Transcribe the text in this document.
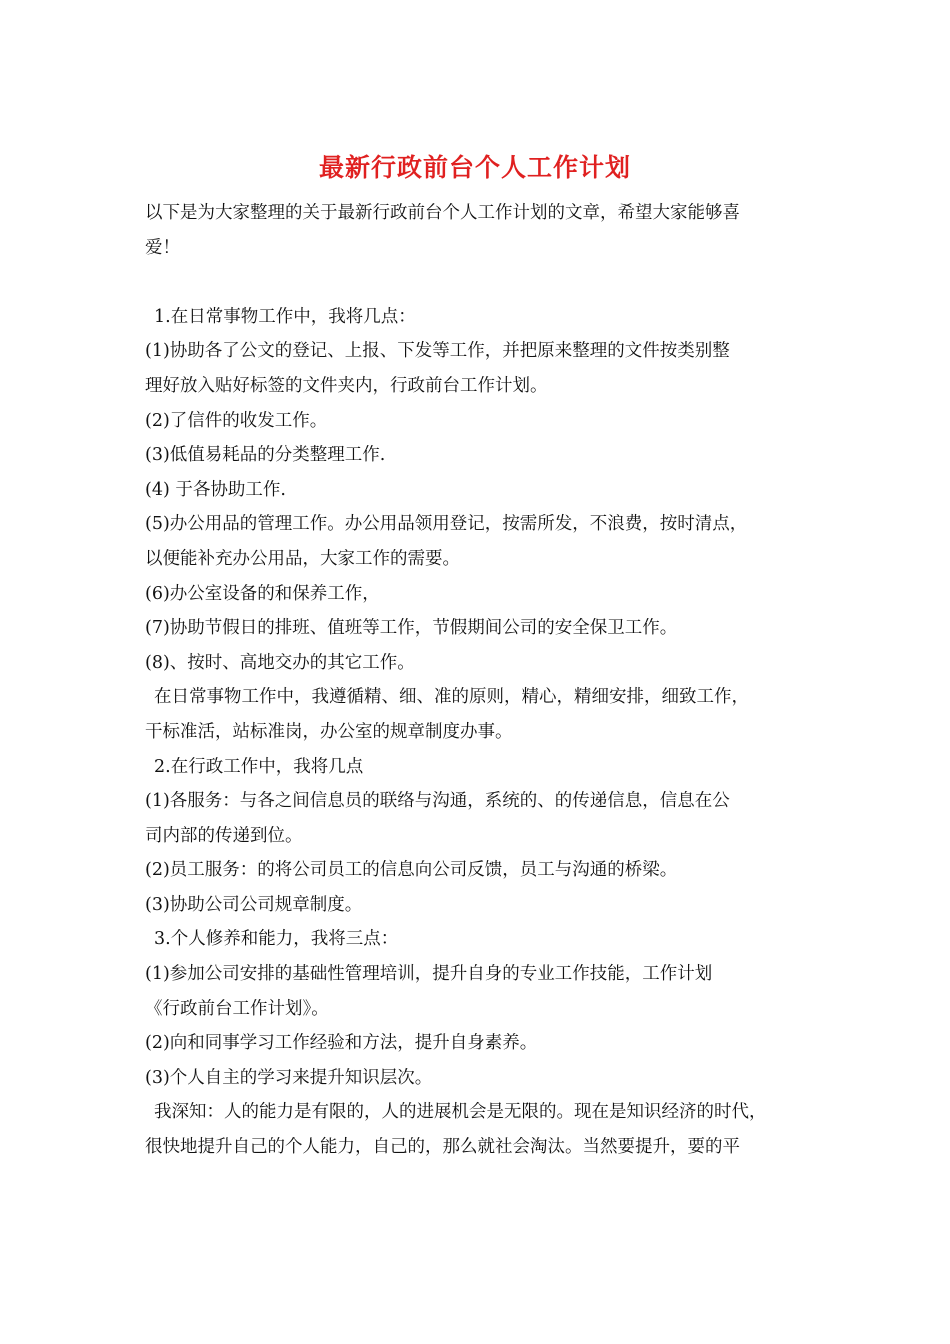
最新行政前台个人工作计划
以下是为大家整理的关于最新行政前台个人工作计划的文章，希望大家能够喜
爱！
1.在日常事物工作中，我将几点：
(1)协助各了公文的登记、上报、下发等工作，并把原来整理的文件按类别整
理好放入贴好标签的文件夹内，行政前台工作计划。
(2)了信件的收发工作。
(3)低值易耗品的分类整理工作.
(4) 于各协助工作.
(5)办公用品的管理工作。办公用品领用登记，按需所发，不浪费，按时清点，
以便能补充办公用品，大家工作的需要。
(6)办公室设备的和保养工作，
(7)协助节假日的排班、值班等工作，节假期间公司的安全保卫工作。
(8)、按时、高地交办的其它工作。
在日常事物工作中，我遵循精、细、准的原则，精心，精细安排，细致工作，
干标准活，站标准岗，办公室的规章制度办事。
2.在行政工作中，我将几点
(1)各服务：与各之间信息员的联络与沟通，系统的、的传递信息，信息在公
司内部的传递到位。
(2)员工服务：的将公司员工的信息向公司反馈，员工与沟通的桥梁。
(3)协助公司公司规章制度。
3.个人修养和能力，我将三点：
(1)参加公司安排的基础性管理培训，提升自身的专业工作技能，工作计划
《行政前台工作计划》。
(2)向和同事学习工作经验和方法，提升自身素养。
(3)个人自主的学习来提升知识层次。
我深知：人的能力是有限的，人的进展机会是无限的。现在是知识经济的时代，
很快地提升自己的个人能力，自己的，那么就社会淘汰。当然要提升，要的平
